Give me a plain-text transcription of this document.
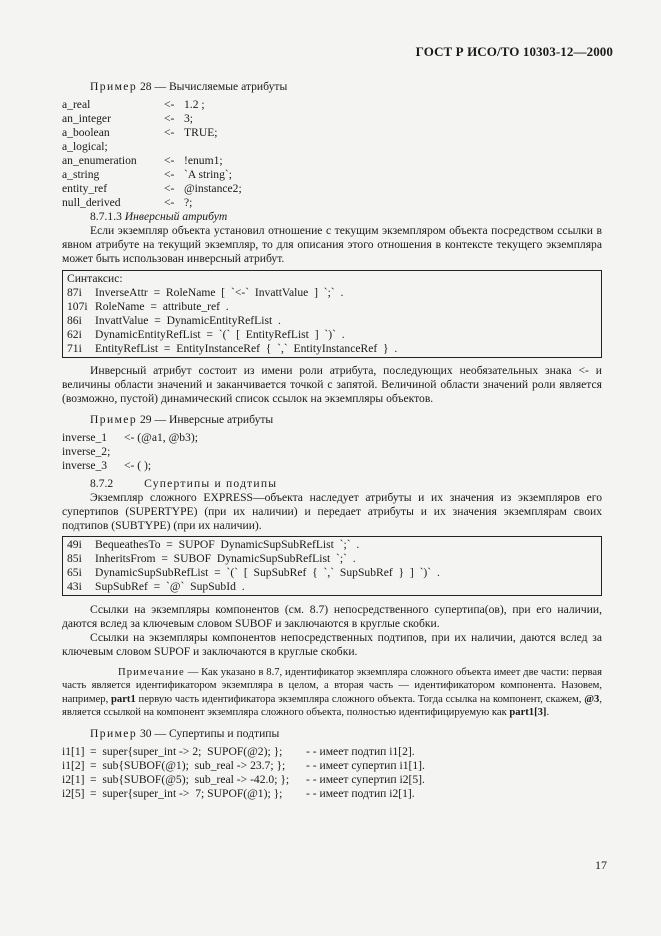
ГОСТ Р ИСО/ТО 10303-12—2000
Пример 28 — Вычисляемые атрибуты
a_real	<- 1.2 ;
an_integer	<- 3;
a_boolean	<- TRUE;
a_logical;
an_enumeration	<- !enum1;
a_string	<- `A string`;
entity_ref	<- @instance2;
null_derived	<- ?;
8.7.1.3 Инверсный атрибут

Если экземпляр объекта установил отношение с текущим экземпляром объекта посредством ссылки в явном атрибуте на текущий экземпляр, то для описания этого отношения в контексте текущего экземпляра может быть использован инверсный атрибут.

Синтаксис:
87i	InverseAttr  =  RoleName  [  `<-`  InvattValue  ]  `;`  .
107i RoleName  =  attribute_ref  .
86i	InvattValue  =  DynamicEntityRefList  .
62i	DynamicEntityRefList  =  `(`  [  EntityRefList  ]  `)`  .
71i	EntityRefList  =  EntityInstanceRef  {  `,`  EntityInstanceRef  }  .

Инверсный атрибут состоит из имени роли атрибута, последующих необязательных знака <- и величины области значений и заканчивается точкой с запятой. Величиной области значений роли является (возможно, пустой) динамический список ссылок на экземпляры объектов.

Пример 29 — Инверсные атрибуты
inverse_1	<- (@a1, @b3);
inverse_2;
inverse_3	<- ( );
8.7.2	Супертипы и подтипы

Экземпляр сложного EXPRESS—объекта наследует атрибуты и их значения из экземпляров его супертипов (SUPERTYPE) (при их наличии) и передает атрибуты и их значения экземплярам своих подтипов (SUBTYPE) (при их наличии).

49i	BequeathesTo  =  SUPOF  DynamicSupSubRefList  `;`  .
85i	InheritsFrom  =  SUBOF  DynamicSupSubRefList  `;`  .
65i	DynamicSupSubRefList  =  `(`  [  SupSubRef  {  `,`  SupSubRef  }  ]  `)`  .
43i	SupSubRef  =  `@`  SupSubId  .

Ссылки на экземпляры компонентов (см. 8.7) непосредственного супертипа(ов), при его наличии, даются вслед за ключевым словом SUBOF и заключаются в круглые скобки.

Ссылки на экземпляры компонентов непосредственных подтипов, при их наличии, даются вслед за ключевым словом SUPOF и заключаются в круглые скобки.

Примечание — Как указано в 8.7, идентификатор экземпляра сложного объекта имеет две части: первая часть является идентификатором экземпляра в целом, а вторая часть — идентификатором компонента. Назовем, например, part1 первую часть идентификатора экземпляра сложного объекта. Тогда ссылка на компонент, скажем, @3, является ссылкой на компонент экземпляра сложного объекта, полностью идентифицируемую как part1[3].
Пример 30 — Супертипы и подтипы
i1[1] =  super{super_int -> 2;  SUPOF(@2); };	- - имеет подтип i1[2].
i1[2] =  sub{SUBOF(@1);  sub_real -> 23.7; };	- - имеет супертип i1[1].
i2[1] =  sub{SUBOF(@5);  sub_real -> -42.0; };	- - имеет супертип i2[5].
i2[5] =  super{super_int ->  7; SUPOF(@1); };	- - имеет подтип i2[1].
17
